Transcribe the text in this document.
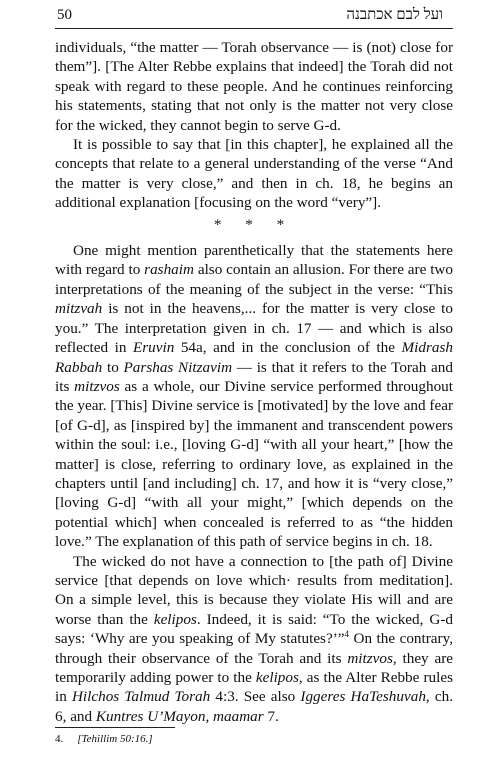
50	ועל לבם אכתבנה

individuals, “the matter — Torah observance — is (not) close for them”]. [The Alter Rebbe explains that indeed] the Torah did not speak with regard to these people. And he continues reinforcing his statements, stating that not only is the matter not very close for the wicked, they cannot begin to serve G-d.

It is possible to say that [in this chapter], he explained all the concepts that relate to a general understanding of the verse “And the matter is very close,” and then in ch. 18, he begins an additional explanation [focusing on the word “very”].

* * *

One might mention parenthetically that the statements here with regard to rashaim also contain an allusion. For there are two interpretations of the meaning of the subject in the verse: “This mitzvah is not in the heavens,... for the matter is very close to you.” The interpretation given in ch. 17 — and which is also reflected in Eruvin 54a, and in the conclusion of the Midrash Rabbah to Parshas Nitzavim — is that it refers to the Torah and its mitzvos as a whole, our Divine service performed throughout the year. [This] Divine service is [motivated] by the love and fear [of G-d], as [inspired by] the immanent and transcendent powers within the soul: i.e., [loving G-d] “with all your heart,” [how the matter] is close, referring to ordinary love, as explained in the chapters until [and including] ch. 17, and how it is “very close,” [loving G-d] “with all your might,” [which depends on the potential which] when concealed is referred to as “the hidden love.” The explanation of this path of service begins in ch. 18.

The wicked do not have a connection to [the path of] Divine service [that depends on love which· results from meditation]. On a simple level, this is because they violate His will and are worse than the kelipos. Indeed, it is said: “To the wicked, G-d says: ‘Why are you speaking of My statutes?’”$^4$ On the contrary, through their observance of the Torah and its mitzvos, they are temporarily adding power to the kelipos, as the Alter Rebbe rules in Hilchos Talmud Torah 4:3. See also Iggeres HaTeshuvah, ch. 6, and Kuntres U’Mayon, maamar 7.

4. [Tehillim 50:16.]
